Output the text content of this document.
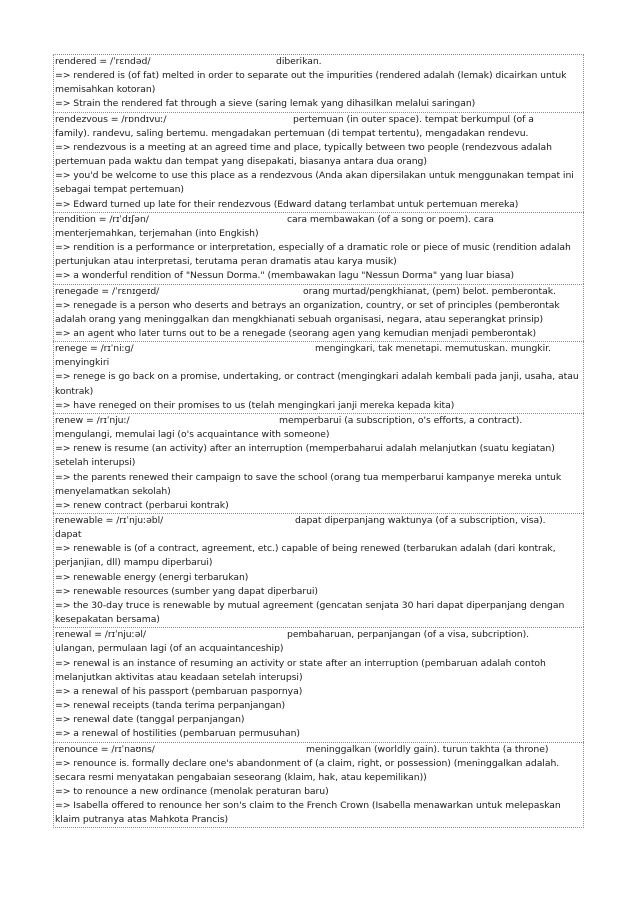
rendered = /ˈrɛndəd/	diberikan.
=> rendered is (of fat) melted in order to separate out the impurities (rendered adalah (lemak) dicairkan untuk memisahkan kotoran)
=> Strain the rendered fat through a sieve (saring lemak yang dihasilkan melalui saringan)
rendezvous = /rɒndɪvuː/	pertemuan (in outer space). tempat berkumpul (of a
family). randevu, saling bertemu. mengadakan pertemuan (di tempat tertentu), mengadakan rendevu.
=> rendezvous is a meeting at an agreed time and place, typically between two people (rendezvous adalah pertemuan pada waktu dan tempat yang disepakati, biasanya antara dua orang)
=> you'd be welcome to use this place as a rendezvous (Anda akan dipersilakan untuk menggunakan tempat ini sebagai tempat pertemuan)
=> Edward turned up late for their rendezvous (Edward datang terlambat untuk pertemuan mereka)
rendition = /rɪˈdɪʃən/	cara membawakan (of a song or poem). cara
menterjemahkan, terjemahan (into Engkish)
=> rendition is a performance or interpretation, especially of a dramatic role or piece of music (rendition adalah pertunjukan atau interpretasi, terutama peran dramatis atau karya musik)
=> a wonderful rendition of "Nessun Dorma." (membawakan lagu "Nessun Dorma" yang luar biasa)
renegade = /ˈrɛnɪɡeɪd/	orang murtad/pengkhianat, (pem) belot. pemberontak.
=> renegade is a person who deserts and betrays an organization, country, or set of principles (pemberontak adalah orang yang meninggalkan dan mengkhianati sebuah organisasi, negara, atau seperangkat prinsip)
=> an agent who later turns out to be a renegade (seorang agen yang kemudian menjadi pemberontak)
renege = /rɪˈniːɡ/	mengingkari, tak menetapi. memutuskan. mungkir.
menyingkiri
=> renege is go back on a promise, undertaking, or contract (mengingkari adalah kembali pada janji, usaha, atau kontrak)
=> have reneged on their promises to us (telah mengingkari janji mereka kepada kita)
renew = /rɪˈnjuː/	memperbarui (a subscription, o's efforts, a contract).
mengulangi, memulai lagi (o's acquaintance with someone)
=> renew is resume (an activity) after an interruption (memperbaharui adalah melanjutkan (suatu kegiatan) setelah interupsi)
=> the parents renewed their campaign to save the school (orang tua memperbarui kampanye mereka untuk menyelamatkan sekolah)
=> renew contract (perbarui kontrak)
renewable = /rɪˈnjuːəbl/	dapat diperpanjang waktunya (of a subscription, visa).
dapat
=> renewable is (of a contract, agreement, etc.) capable of being renewed (terbarukan adalah (dari kontrak, perjanjian, dll) mampu diperbarui)
=> renewable energy (energi terbarukan)
=> renewable resources (sumber yang dapat diperbarui)
=> the 30-day truce is renewable by mutual agreement (gencatan senjata 30 hari dapat diperpanjang dengan kesepakatan bersama)
renewal = /rɪˈnjuːəl/	pembaharuan, perpanjangan (of a visa, subcription).
ulangan, permulaan lagi (of an acquaintanceship)
=> renewal is an instance of resuming an activity or state after an interruption (pembaruan adalah contoh melanjutkan aktivitas atau keadaan setelah interupsi)
=> a renewal of his passport (pembaruan paspornya)
=> renewal receipts (tanda terima perpanjangan)
=> renewal date (tanggal perpanjangan)
=> a renewal of hostilities (pembaruan permusuhan)
renounce = /rɪˈnaʊns/	meninggalkan (worldly gain). turun takhta (a throne)
=> renounce is. formally declare one's abandonment of (a claim, right, or possession) (meninggalkan adalah. secara resmi menyatakan pengabaian seseorang (klaim, hak, atau kepemilikan))
=> to renounce a new ordinance (menolak peraturan baru)
=> Isabella offered to renounce her son's claim to the French Crown (Isabella menawarkan untuk melepaskan klaim putranya atas Mahkota Prancis)
